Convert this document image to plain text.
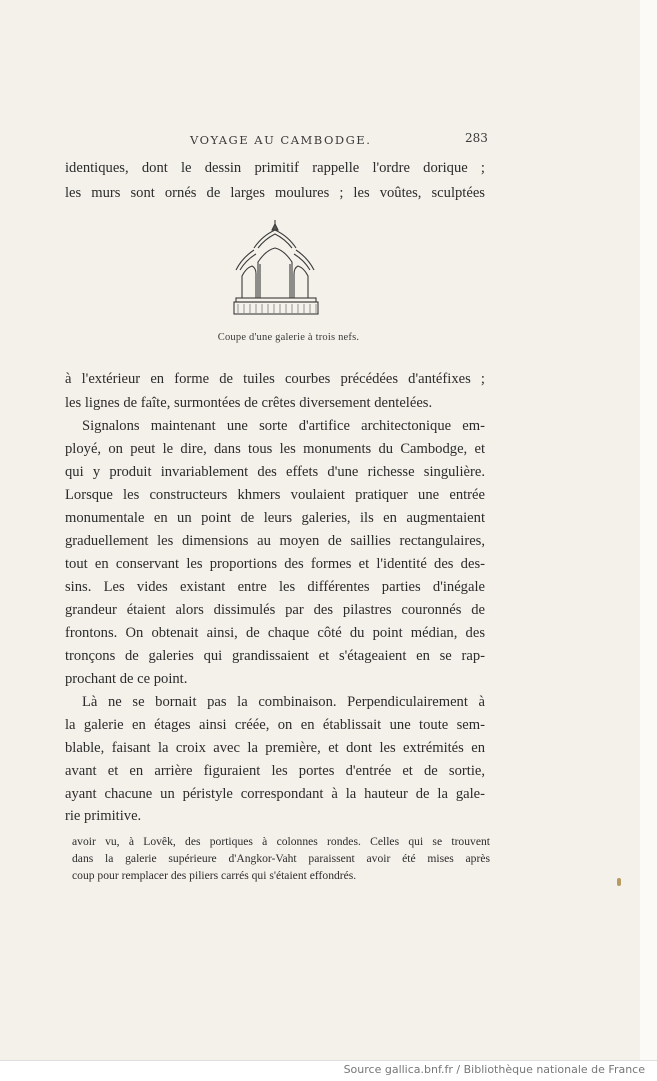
VOYAGE AU CAMBODGE.	283

identiques, dont le dessin primitif rappelle l'ordre dorique ;

les murs sont ornés de larges moulures ; les voûtes, sculptées

Coupe d'une galerie à trois nefs.

à l'extérieur en forme de tuiles courbes précédées d'antéfixes ;

les lignes de faîte, surmontées de crêtes diversement dentelées.

Signalons maintenant une sorte d'artifice architectonique em-

ployé, on peut le dire, dans tous les monuments du Cambodge, et

qui y produit invariablement des effets d'une richesse singulière.

Lorsque les constructeurs khmers voulaient pratiquer une entrée

monumentale en un point de leurs galeries, ils en augmentaient

graduellement les dimensions au moyen de saillies rectangulaires,

tout en conservant les proportions des formes et l'identité des des-

sins. Les vides existant entre les différentes parties d'inégale

grandeur étaient alors dissimulés par des pilastres couronnés de

frontons. On obtenait ainsi, de chaque côté du point médian, des

tronçons de galeries qui grandissaient et s'étageaient en se rap-

prochant de ce point.

Là ne se bornait pas la combinaison. Perpendiculairement à

la galerie en étages ainsi créée, on en établissait une toute sem-

blable, faisant la croix avec la première, et dont les extrémités en

avant et en arrière figuraient les portes d'entrée et de sortie,

ayant chacune un péristyle correspondant à la hauteur de la gale-

rie primitive.

avoir vu, à Lovêk, des portiques à colonnes rondes. Celles qui se trouvent

dans la galerie supérieure d'Angkor-Vaht paraissent avoir été mises après

coup pour remplacer des piliers carrés qui s'étaient effondrés.

Source gallica.bnf.fr / Bibliothèque nationale de France
